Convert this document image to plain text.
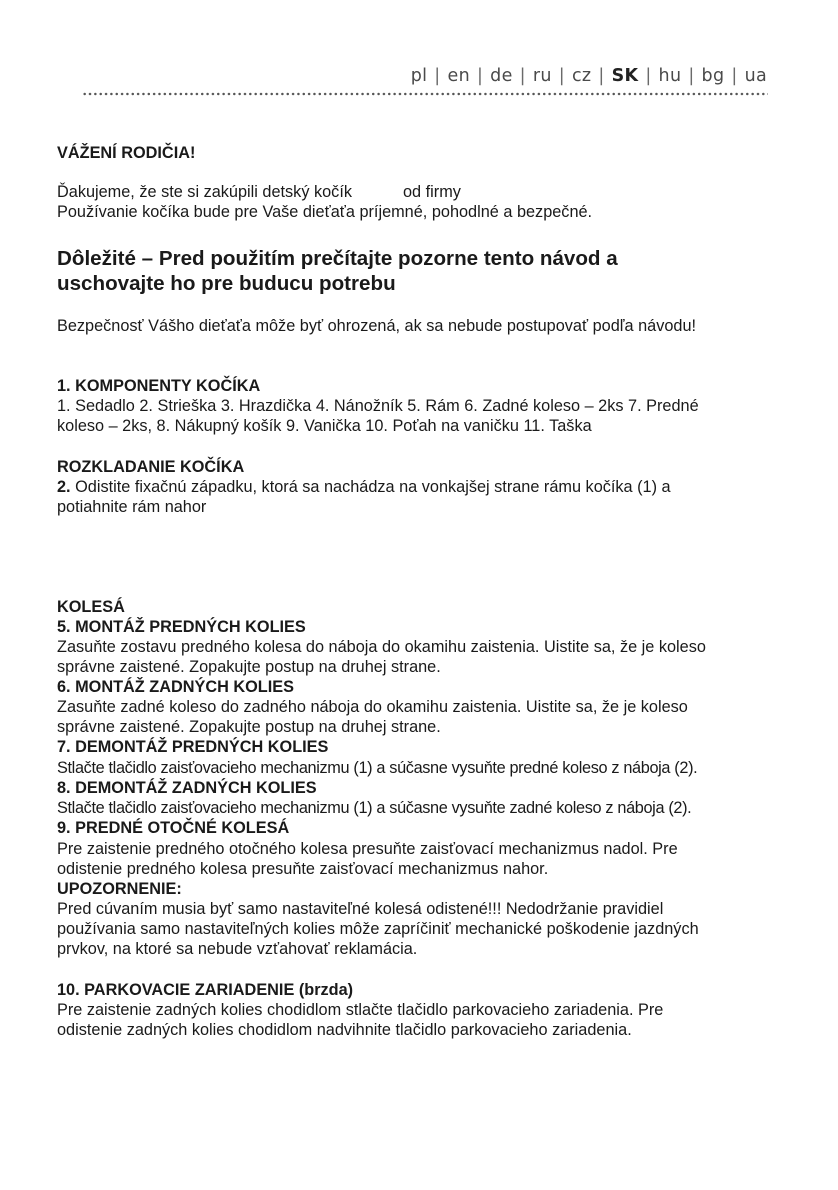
pl | en | de | ru | cz | SK | hu | bg | ua
VÁŽENÍ RODIČIA!
Ďakujeme, že ste si zakúpili detský kočík	od firmy
Používanie kočíka bude pre Vaše dieťaťa príjemné, pohodlné a bezpečné.
Dôležité – Pred použitím prečítajte pozorne tento návod a
uschovajte ho pre buducu potrebu
Bezpečnosť Vášho dieťaťa môže byť ohrozená, ak sa nebude postupovať podľa návodu!
1. KOMPONENTY KOČÍKA
1. Sedadlo 2. Strieška 3. Hrazdička 4. Nánožník 5. Rám 6. Zadné koleso – 2ks 7. Predné
koleso – 2ks, 8. Nákupný košík 9. Vanička 10. Poťah na vaničku 11. Taška
ROZKLADANIE KOČÍKA
2. Odistite fixačnú západku, ktorá sa nachádza na vonkajšej strane rámu kočíka (1) a
potiahnite rám nahor
KOLESÁ
5. MONTÁŽ PREDNÝCH KOLIES
Zasuňte zostavu predného kolesa do náboja do okamihu zaistenia. Uistite sa, že je koleso
správne zaistené. Zopakujte postup na druhej strane.
6. MONTÁŽ ZADNÝCH KOLIES
Zasuňte zadné koleso do zadného náboja do okamihu zaistenia. Uistite sa, že je koleso
správne zaistené. Zopakujte postup na druhej strane.
7. DEMONTÁŽ PREDNÝCH KOLIES
Stlačte tlačidlo zaisťovacieho mechanizmu (1) a súčasne vysuňte predné koleso z náboja (2).
8. DEMONTÁŽ ZADNÝCH KOLIES
Stlačte tlačidlo zaisťovacieho mechanizmu (1) a súčasne vysuňte zadné koleso z náboja (2).
9. PREDNÉ OTOČNÉ KOLESÁ
Pre zaistenie predného otočného kolesa presuňte zaisťovací mechanizmus nadol. Pre
odistenie predného kolesa presuňte zaisťovací mechanizmus nahor.
UPOZORNENIE:
Pred cúvaním musia byť samo nastaviteľné kolesá odistené!!! Nedodržanie pravidiel
používania samo nastaviteľných kolies môže zapríčiniť mechanické poškodenie jazdných
prvkov, na ktoré sa nebude vzťahovať reklamácia.
10. PARKOVACIE ZARIADENIE (brzda)
Pre zaistenie zadných kolies chodidlom stlačte tlačidlo parkovacieho zariadenia. Pre
odistenie zadných kolies chodidlom nadvihnite tlačidlo parkovacieho zariadenia.
